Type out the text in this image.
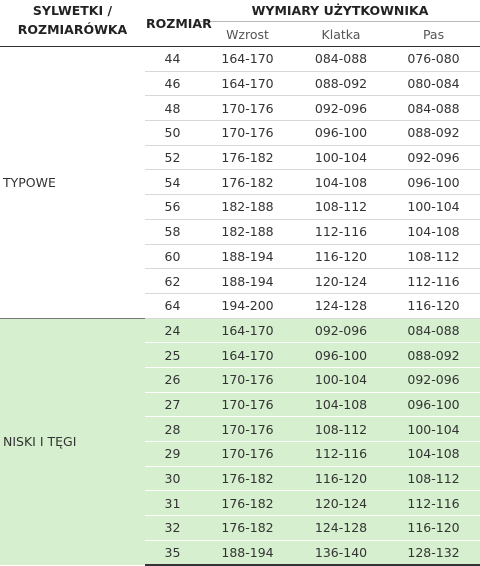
SYLWETKI /
ROZMIARÓWKA	ROZMIAR	WYMIARY UŻYTKOWNIKA		
		Wzrost	Klatka	Pas
TYPOWE	44	164-170	084-088	076-080
	46	164-170	088-092	080-084
	48	170-176	092-096	084-088
	50	170-176	096-100	088-092
	52	176-182	100-104	092-096
	54	176-182	104-108	096-100
	56	182-188	108-112	100-104
	58	182-188	112-116	104-108
	60	188-194	116-120	108-112
	62	188-194	120-124	112-116
	64	194-200	124-128	116-120
NISKI I TĘGI	24	164-170	092-096	084-088
	25	164-170	096-100	088-092
	26	170-176	100-104	092-096
	27	170-176	104-108	096-100
	28	170-176	108-112	100-104
	29	170-176	112-116	104-108
	30	176-182	116-120	108-112
	31	176-182	120-124	112-116
	32	176-182	124-128	116-120
	35	188-194	136-140	128-132
